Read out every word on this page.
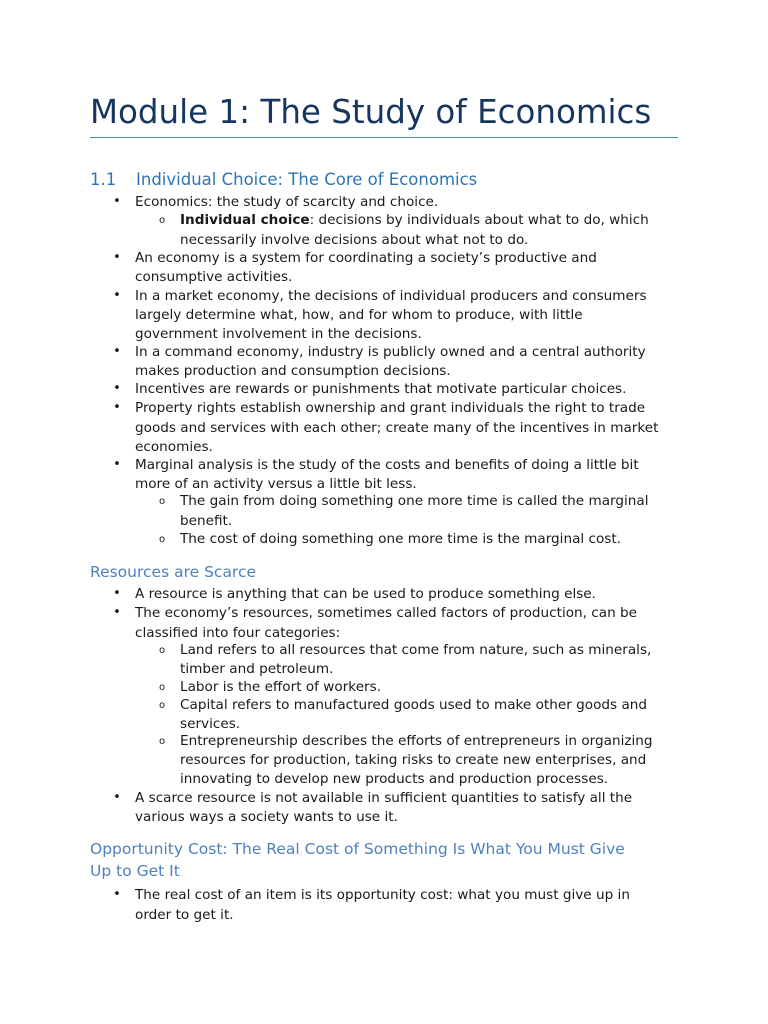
Module 1: The Study of Economics
1.1 Individual Choice: The Core of Economics
•	Economics: the study of scarcity and choice.
o	Individual choice: decisions by individuals about what to do, which
necessarily involve decisions about what not to do.
•	An economy is a system for coordinating a society’s productive and
consumptive activities.
•	In a market economy, the decisions of individual producers and consumers
largely determine what, how, and for whom to produce, with little
government involvement in the decisions.
•	In a command economy, industry is publicly owned and a central authority
makes production and consumption decisions.
•	Incentives are rewards or punishments that motivate particular choices.
•	Property rights establish ownership and grant individuals the right to trade
goods and services with each other; create many of the incentives in market
economies.
•	Marginal analysis is the study of the costs and benefits of doing a little bit
more of an activity versus a little bit less.
o	The gain from doing something one more time is called the marginal
benefit.
o	The cost of doing something one more time is the marginal cost.
Resources are Scarce
•	A resource is anything that can be used to produce something else.
•	The economy’s resources, sometimes called factors of production, can be
classified into four categories:
o	Land refers to all resources that come from nature, such as minerals,
timber and petroleum.
o	Labor is the effort of workers.
o	Capital refers to manufactured goods used to make other goods and
services.
o	Entrepreneurship describes the efforts of entrepreneurs in organizing
resources for production, taking risks to create new enterprises, and
innovating to develop new products and production processes.
•	A scarce resource is not available in sufficient quantities to satisfy all the
various ways a society wants to use it.
Opportunity Cost: The Real Cost of Something Is What You Must Give
Up to Get It
•	The real cost of an item is its opportunity cost: what you must give up in
order to get it.
